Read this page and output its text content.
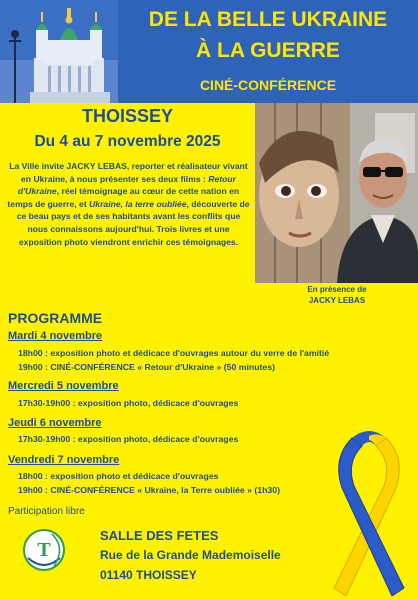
DE LA BELLE UKRAINE
À LA GUERRE
CINÉ-CONFÉRENCE
THOISSEY
Du 4 au 7 novembre 2025
La Ville invite JACKY LEBAS, reporter et réalisateur vivant en Ukraine, à nous présenter ses deux films : Retour d'Ukraine, réel témoignage au cœur de cette nation en temps de guerre, et Ukraine, la terre oubliée, découverte de ce beau pays et de ses habitants avant les conflits que nous connaissons aujourd'hui. Trois livres et une exposition photo viendront enrichir ces témoignages.
En présence de
JACKY LEBAS
PROGRAMME
Mardi 4 novembre
18h00 : exposition photo et dédicace d'ouvrages autour du verre de l'amitié
19h00 : CINÉ-CONFÉRENCE « Retour d'Ukraine » (50 minutes)
Mercredi 5 novembre
17h30-19h00 : exposition photo, dédicace d'ouvrages
Jeudi 6 novembre
17h30-19h00 : exposition photo, dédicace d'ouvrages
Vendredi 7 novembre
18h00 : exposition photo et dédicace d'ouvrages
19h00 : CINÉ-CONFÉRENCE « Ukraine, la Terre oubliée » (1h30)
Participation libre
T
SALLE DES FETES
Rue de la Grande Mademoiselle
01140 THOISSEY
